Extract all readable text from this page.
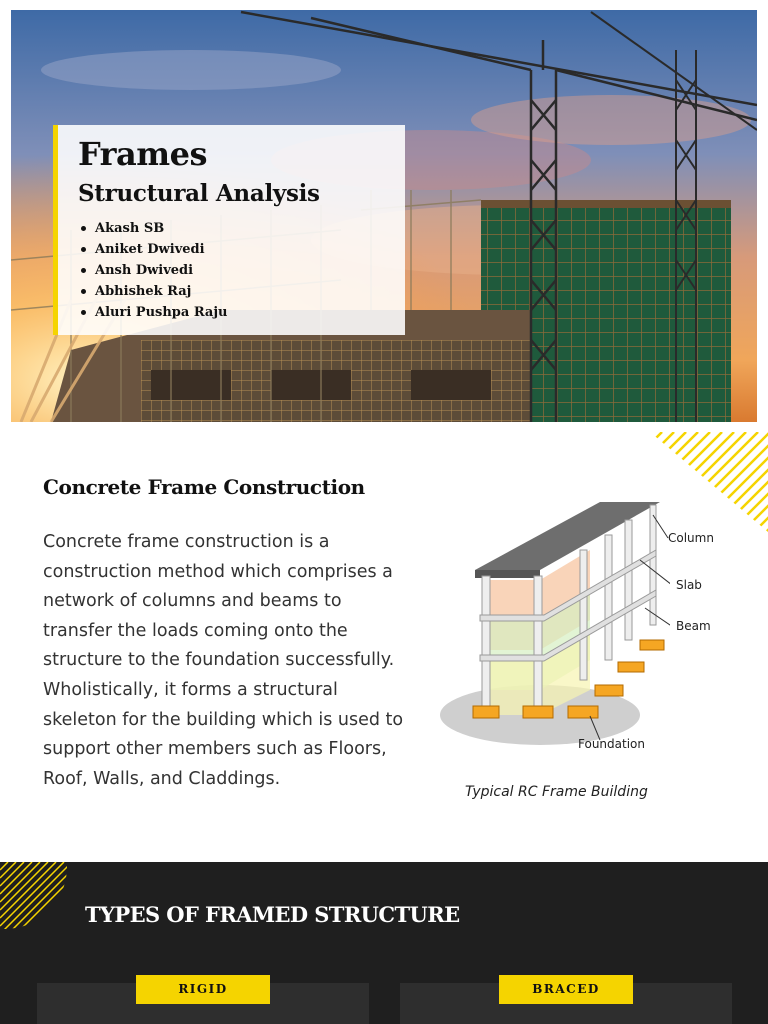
Frames
Structural Analysis
Akash SB
Aniket Dwivedi
Ansh Dwivedi
Abhishek Raj
Aluri Pushpa Raju
Concrete Frame Construction

Concrete frame construction is a construction method which comprises a network of columns and beams to transfer the loads coming onto the structure to the foundation successfully.

Wholistically, it forms a structural skeleton for the building which is used to support other members such as Floors, Roof, Walls, and Claddings.

Column

Slab

Beam

Foundation

Typical RC Frame Building

TYPES OF FRAMED STRUCTURE
RIGID	BRACED
